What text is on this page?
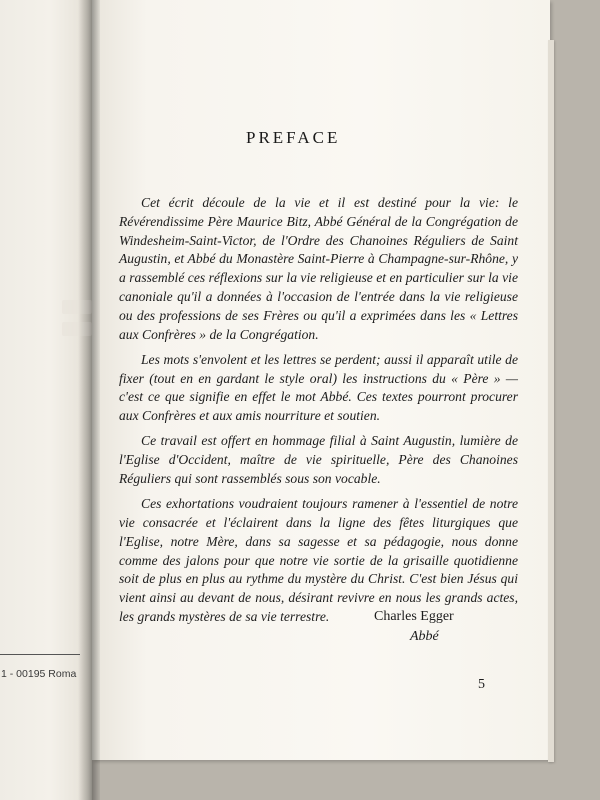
1 - 00195 Roma
PREFACE

Cet écrit découle de la vie et il est destiné pour la vie: le Révérendissime Père Maurice Bitz, Abbé Général de la Congrégation de Windesheim-Saint-Victor, de l'Ordre des Chanoines Réguliers de Saint Augustin, et Abbé du Monastère Saint-Pierre à Champagne-sur-Rhône, y a rassemblé ces réflexions sur la vie religieuse et en particulier sur la vie canoniale qu'il a données à l'occasion de l'entrée dans la vie religieuse ou des professions de ses Frères ou qu'il a exprimées dans les « Lettres aux Confrères » de la Congrégation.

Les mots s'envolent et les lettres se perdent; aussi il apparaît utile de fixer (tout en en gardant le style oral) les instructions du « Père » — c'est ce que signifie en effet le mot Abbé. Ces textes pourront procurer aux Confrères et aux amis nourriture et soutien.

Ce travail est offert en hommage filial à Saint Augustin, lumière de l'Eglise d'Occident, maître de vie spirituelle, Père des Chanoines Réguliers qui sont rassemblés sous son vocable.

Ces exhortations voudraient toujours ramener à l'essentiel de notre vie consacrée et l'éclairent dans la ligne des fêtes liturgiques que l'Eglise, notre Mère, dans sa sagesse et sa pédagogie, nous donne comme des jalons pour que notre vie sortie de la grisaille quotidienne soit de plus en plus au rythme du mystère du Christ. C'est bien Jésus qui vient ainsi au devant de nous, désirant revivre en nous les grands actes, les grands mystères de sa vie terrestre.	Charles Egger
Abbé
5
